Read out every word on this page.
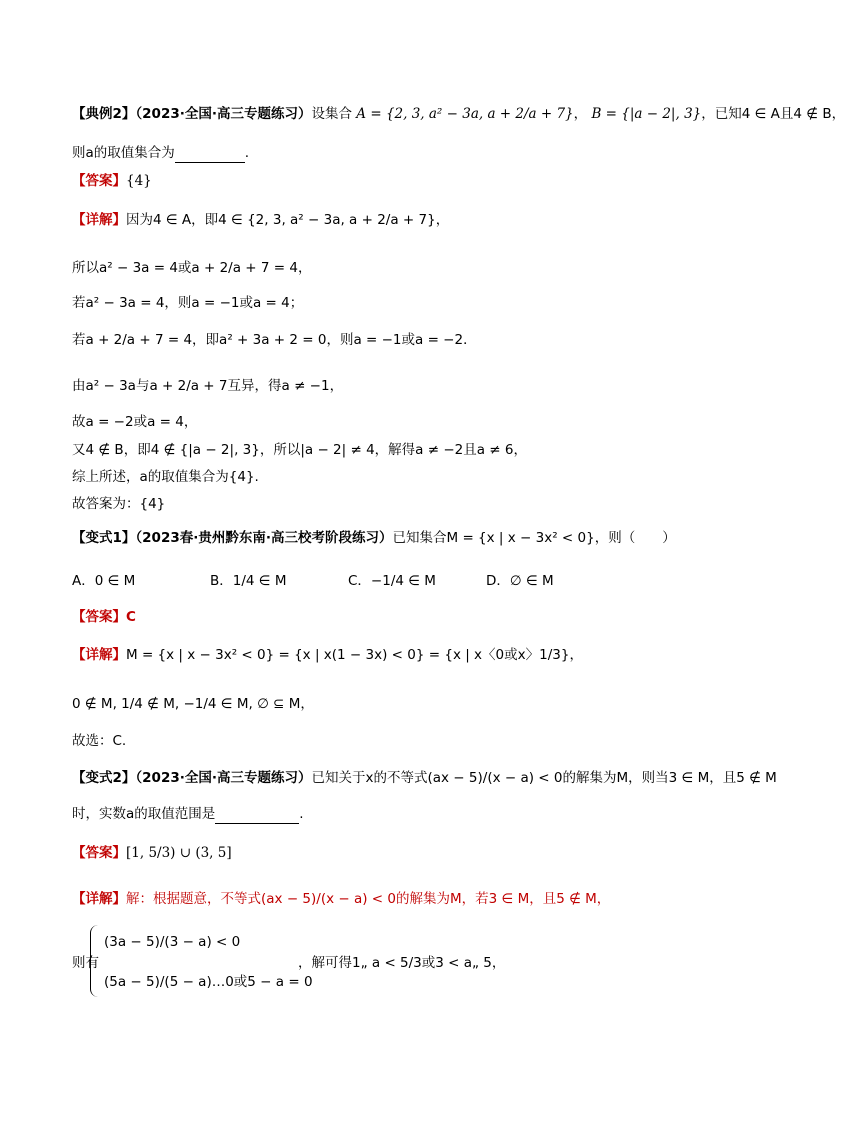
【典例2】（2023·全国·高三专题练习）设集合 A = {2, 3, a² − 3a, a + 2/a + 7}， B = {|a − 2|, 3}，已知4 ∈ A且4 ∉ B，
则a的取值集合为	.
【答案】{4}
【详解】因为4 ∈ A，即4 ∈ {2, 3, a² − 3a, a + 2/a + 7}，
所以a² − 3a = 4或a + 2/a + 7 = 4，
若a² − 3a = 4，则a = −1或a = 4；
若a + 2/a + 7 = 4，即a² + 3a + 2 = 0，则a = −1或a = −2．
由a² − 3a与a + 2/a + 7互异，得a ≠ −1，
故a = −2或a = 4，
又4 ∉ B，即4 ∉ {|a − 2|, 3}，所以|a − 2| ≠ 4，解得a ≠ −2且a ≠ 6，
综上所述，a的取值集合为{4}.
故答案为：{4}
【变式1】（2023春·贵州黔东南·高三校考阶段练习）已知集合M = {x | x − 3x² < 0}，则（　　）
A．0 ∈ M	B．1/4 ∈ M	C．−1/4 ∈ M	D．∅ ∈ M
【答案】C
【详解】M = {x | x − 3x² < 0} = {x | x(1 − 3x) < 0} = {x | x〈0或x〉1/3}，
0 ∉ M, 1/4 ∉ M, −1/4 ∈ M, ∅ ⊆ M，
故选：C.
【变式2】（2023·全国·高三专题练习）已知关于x的不等式(ax − 5)/(x − a) < 0的解集为M，则当3 ∈ M，且5 ∉ M
时，实数a的取值范围是	.
【答案】[1, 5/3) ∪ (3, 5]
【详解】解：根据题意，不等式(ax − 5)/(x − a) < 0的解集为M，若3 ∈ M，且5 ∉ M，
则有
(3a − 5)/(3 − a) < 0
(5a − 5)/(5 − a)…0或5 − a = 0
，解可得1„ a < 5/3或3 < a„ 5，
